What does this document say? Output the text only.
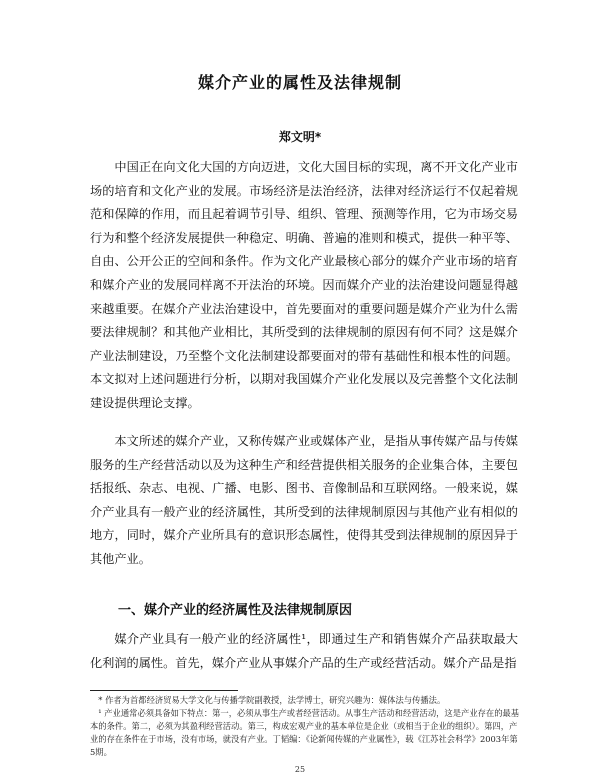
媒介产业的属性及法律规制
郑文明*

中国正在向文化大国的方向迈进，文化大国目标的实现，离不开文化产业市场的培育和文化产业的发展。市场经济是法治经济，法律对经济运行不仅起着规范和保障的作用，而且起着调节引导、组织、管理、预测等作用，它为市场交易行为和整个经济发展提供一种稳定、明确、普遍的准则和模式，提供一种平等、自由、公开公正的空间和条件。作为文化产业最核心部分的媒介产业市场的培育和媒介产业的发展同样离不开法治的环境。因而媒介产业的法治建设问题显得越来越重要。在媒介产业法治建设中，首先要面对的重要问题是媒介产业为什么需要法律规制？和其他产业相比，其所受到的法律规制的原因有何不同？这是媒介产业法制建设，乃至整个文化法制建设都要面对的带有基础性和根本性的问题。本文拟对上述问题进行分析，以期对我国媒介产业化发展以及完善整个文化法制建设提供理论支撑。

本文所述的媒介产业，又称传媒产业或媒体产业，是指从事传媒产品与传媒服务的生产经营活动以及为这种生产和经营提供相关服务的企业集合体，主要包括报纸、杂志、电视、广播、电影、图书、音像制品和互联网络。一般来说，媒介产业具有一般产业的经济属性，其所受到的法律规制原因与其他产业有相似的地方，同时，媒介产业所具有的意识形态属性，使得其受到法律规制的原因异于其他产业。

一、媒介产业的经济属性及法律规制原因

媒介产业具有一般产业的经济属性¹，即通过生产和销售媒介产品获取最大化利润的属性。首先，媒介产业从事媒介产品的生产或经营活动。媒介产品是指

* 作者为首都经济贸易大学文化与传播学院副教授，法学博士，研究兴趣为：媒体法与传播法。

¹ 产业通常必须具备如下特点：第一，必须从事生产或者经营活动。从事生产活动和经营活动，这是产业存在的最基本的条件。第二，必须为其盈利经营活动。第三，构成宏观产业的基本单位是企业（或相当于企业的组织）。第四，产业的存在条件在于市场，没有市场，就没有产业。丁韬编：《论新闻传媒的产业属性》，载《江苏社会科学》2003年第5期。

25
